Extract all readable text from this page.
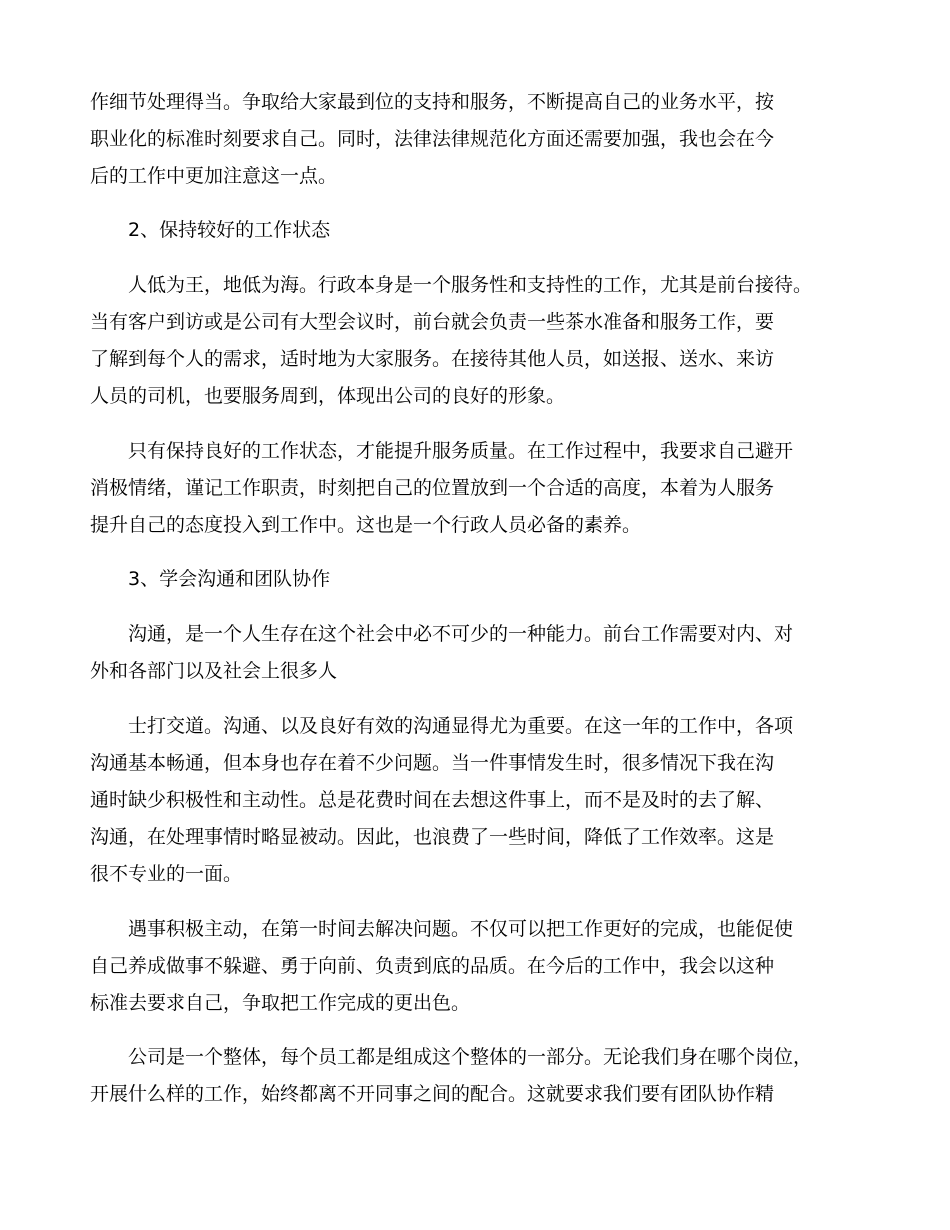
作细节处理得当。争取给大家最到位的支持和服务，不断提高自己的业务水平，按
职业化的标准时刻要求自己。同时，法律法律规范化方面还需要加强，我也会在今
后的工作中更加注意这一点。
2、保持较好的工作状态
人低为王，地低为海。行政本身是一个服务性和支持性的工作，尤其是前台接待。
当有客户到访或是公司有大型会议时，前台就会负责一些茶水准备和服务工作，要
了解到每个人的需求，适时地为大家服务。在接待其他人员，如送报、送水、来访
人员的司机，也要服务周到，体现出公司的良好的形象。
只有保持良好的工作状态，才能提升服务质量。在工作过程中，我要求自己避开
消极情绪，谨记工作职责，时刻把自己的位置放到一个合适的高度，本着为人服务
提升自己的态度投入到工作中。这也是一个行政人员必备的素养。
3、学会沟通和团队协作
沟通，是一个人生存在这个社会中必不可少的一种能力。前台工作需要对内、对
外和各部门以及社会上很多人
士打交道。沟通、以及良好有效的沟通显得尤为重要。在这一年的工作中，各项
沟通基本畅通，但本身也存在着不少问题。当一件事情发生时，很多情况下我在沟
通时缺少积极性和主动性。总是花费时间在去想这件事上，而不是及时的去了解、
沟通，在处理事情时略显被动。因此，也浪费了一些时间，降低了工作效率。这是
很不专业的一面。
遇事积极主动，在第一时间去解决问题。不仅可以把工作更好的完成，也能促使
自己养成做事不躲避、勇于向前、负责到底的品质。在今后的工作中，我会以这种
标准去要求自己，争取把工作完成的更出色。
公司是一个整体，每个员工都是组成这个整体的一部分。无论我们身在哪个岗位，
开展什么样的工作，始终都离不开同事之间的配合。这就要求我们要有团队协作精
